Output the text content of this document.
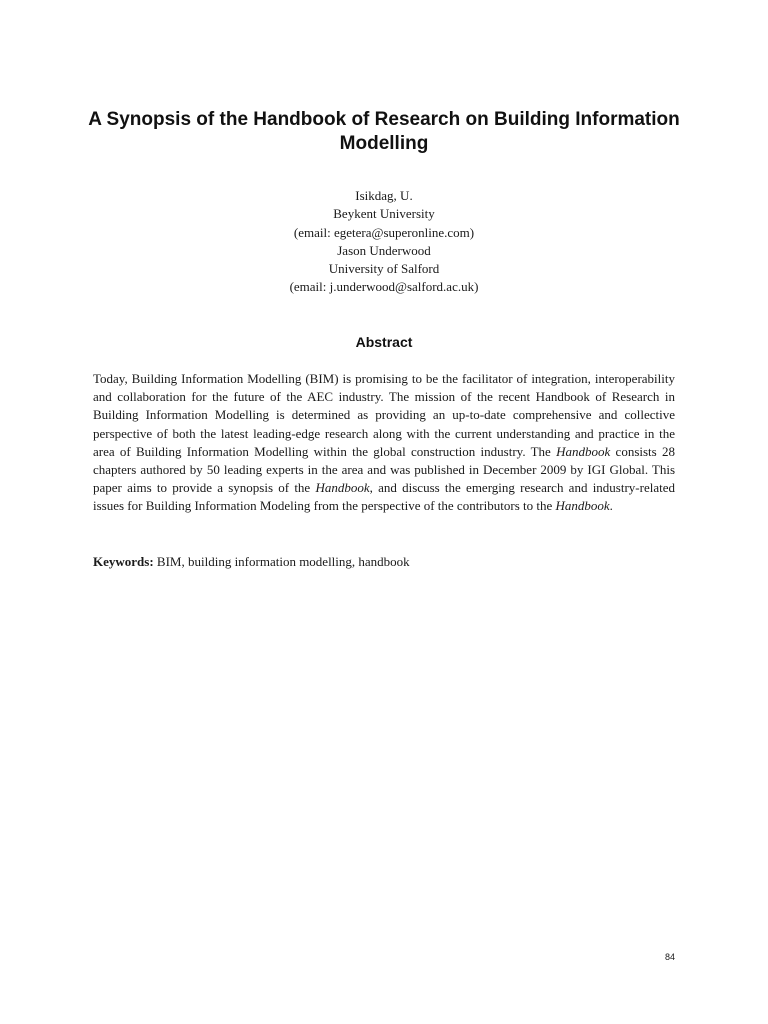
A Synopsis of the Handbook of Research on Building Information Modelling
Isikdag, U.
Beykent University
(email: egetera@superonline.com)
Jason Underwood
University of Salford
(email: j.underwood@salford.ac.uk)
Abstract

Today, Building Information Modelling (BIM) is promising to be the facilitator of integration, interoperability and collaboration for the future of the AEC industry. The mission of the recent Handbook of Research in Building Information Modelling is determined as providing an up-to-date comprehensive and collective perspective of both the latest leading-edge research along with the current understanding and practice in the area of Building Information Modelling within the global construction industry. The Handbook consists 28 chapters authored by 50 leading experts in the area and was published in December 2009 by IGI Global. This paper aims to provide a synopsis of the Handbook, and discuss the emerging research and industry-related issues for Building Information Modeling from the perspective of the contributors to the Handbook.

Keywords: BIM, building information modelling, handbook

84
